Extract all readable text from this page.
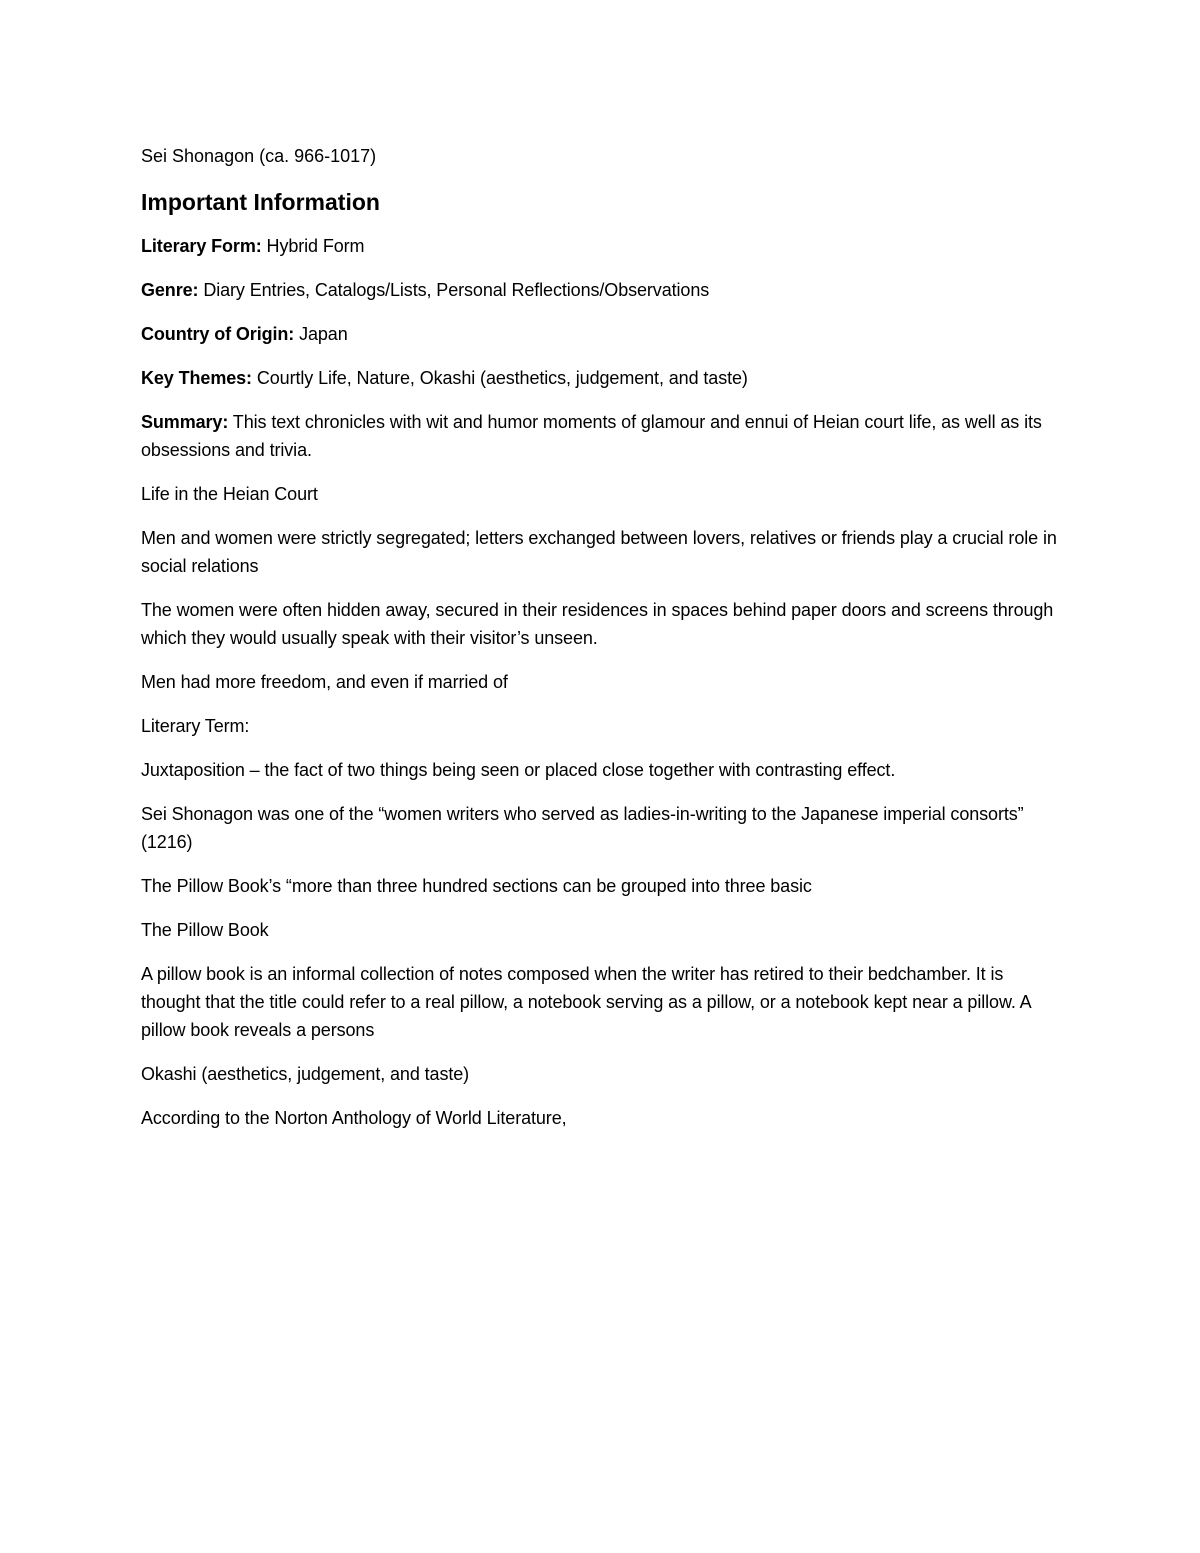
Sei Shonagon (ca. 966-1017)

Important Information

Literary Form: Hybrid Form

Genre: Diary Entries, Catalogs/Lists, Personal Reflections/Observations

Country of Origin: Japan

Key Themes: Courtly Life, Nature, Okashi (aesthetics, judgement, and taste)

Summary: This text chronicles with wit and humor moments of glamour and ennui of Heian court life, as well as its obsessions and trivia.

Life in the Heian Court

Men and women were strictly segregated; letters exchanged between lovers, relatives or friends play a crucial role in social relations

The women were often hidden away, secured in their residences in spaces behind paper doors and screens through which they would usually speak with their visitor’s unseen.

Men had more freedom, and even if married of

Literary Term:

Juxtaposition – the fact of two things being seen or placed close together with contrasting effect.

Sei Shonagon was one of the “women writers who served as ladies-in-writing to the Japanese imperial consorts” (1216)

The Pillow Book’s “more than three hundred sections can be grouped into three basic

The Pillow Book

A pillow book is an informal collection of notes composed when the writer has retired to their bedchamber. It is thought that the title could refer to a real pillow, a notebook serving as a pillow, or a notebook kept near a pillow. A pillow book reveals a persons

Okashi (aesthetics, judgement, and taste)

According to the Norton Anthology of World Literature,
